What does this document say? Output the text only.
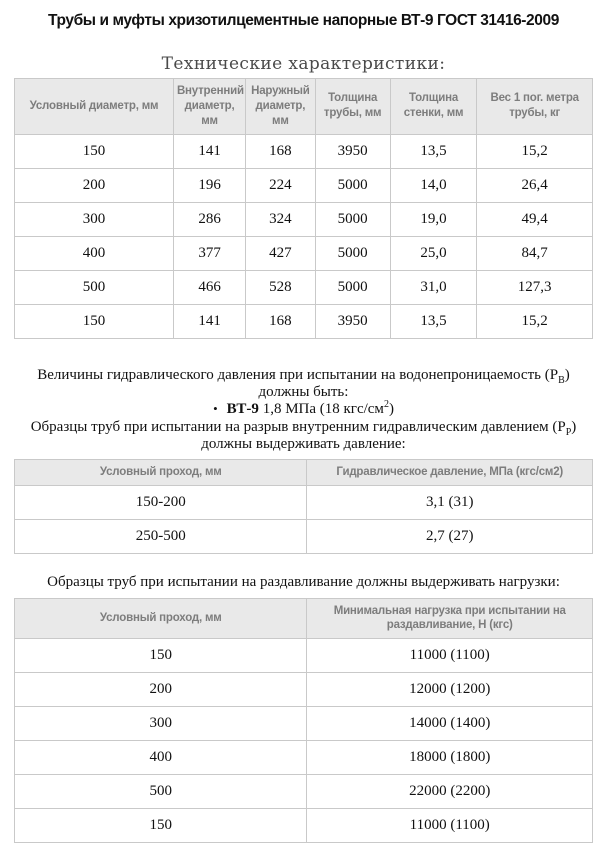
Трубы и муфты хризотилцементные напорные ВТ-9 ГОСТ 31416-2009
Технические характеристики:
Условный диаметр, мм	Внутренний диаметр, мм	Наружный диаметр, мм	Толщина трубы, мм	Толщина стенки, мм	Вес 1 пог. метра трубы, кг
150	141	168	3950	13,5	15,2
200	196	224	5000	14,0	26,4
300	286	324	5000	19,0	49,4
400	377	427	5000	25,0	84,7
500	466	528	5000	31,0	127,3
150	141	168	3950	13,5	15,2
Величины гидравлического давления при испытании на водонепроницаемость $(P_В)$ должны быть:
• ВТ-9 1,8 МПа (18 кгс/$см^2$)
Образцы труб при испытании на разрыв внутренним гидравлическим давлением $(P_Р)$ должны выдерживать давление:
Условный проход, мм	Гидравлическое давление, МПа (кгс/см2)
150-200	3,1 (31)
250-500	2,7 (27)
Образцы труб при испытании на раздавливание должны выдерживать нагрузки:
Условный проход, мм	Минимальная нагрузка при испытании на раздавливание, Н (кгс)
150	11000 (1100)
200	12000 (1200)
300	14000 (1400)
400	18000 (1800)
500	22000 (2200)
150	11000 (1100)
